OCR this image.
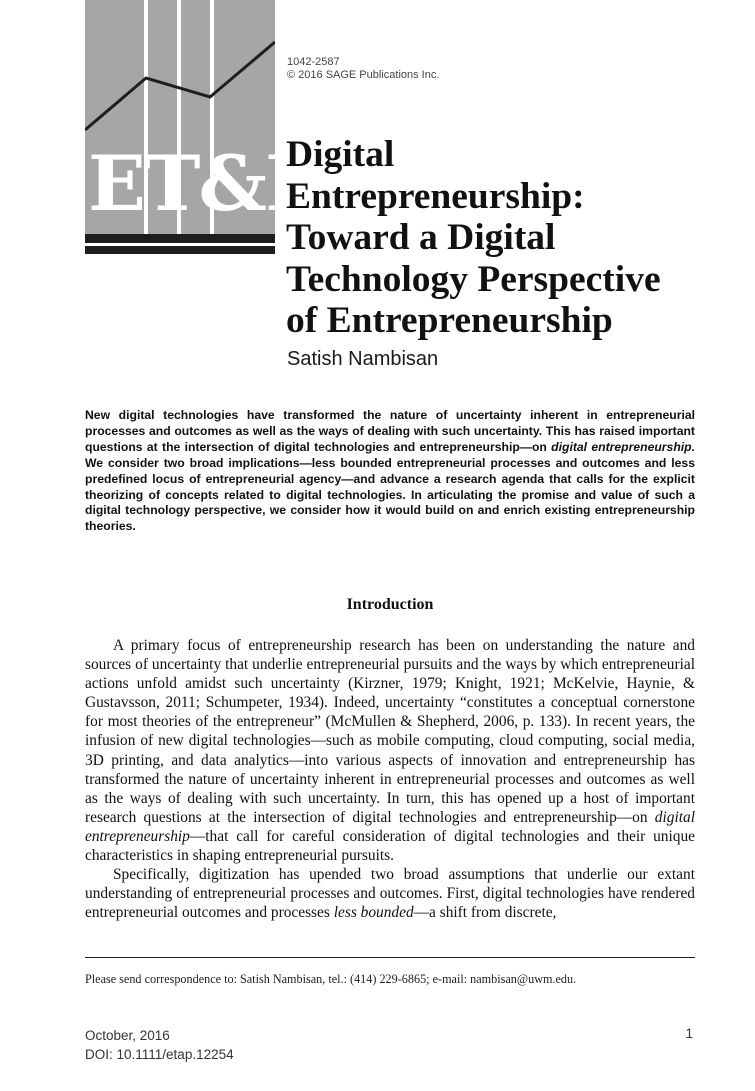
ET&P
1042-2587
© 2016 SAGE Publications Inc.
Digital
Entrepreneurship:
Toward a Digital
Technology Perspective
of Entrepreneurship
Satish Nambisan
New digital technologies have transformed the nature of uncertainty inherent in entrepreneurial processes and outcomes as well as the ways of dealing with such uncertainty. This has raised important questions at the intersection of digital technologies and entrepreneurship—on digital entrepreneurship. We consider two broad implications—less bounded entrepreneurial processes and outcomes and less predefined locus of entrepreneurial agency—and advance a research agenda that calls for the explicit theorizing of concepts related to digital technologies. In articulating the promise and value of such a digital technology perspective, we consider how it would build on and enrich existing entrepreneurship theories.
Introduction

A primary focus of entrepreneurship research has been on understanding the nature and sources of uncertainty that underlie entrepreneurial pursuits and the ways by which entrepreneurial actions unfold amidst such uncertainty (Kirzner, 1979; Knight, 1921; McKelvie, Haynie, & Gustavsson, 2011; Schumpeter, 1934). Indeed, uncertainty “constitutes a conceptual cornerstone for most theories of the entrepreneur” (McMullen & Shepherd, 2006, p. 133). In recent years, the infusion of new digital technologies—such as mobile computing, cloud computing, social media, 3D printing, and data analytics—into various aspects of innovation and entrepreneurship has transformed the nature of uncertainty inherent in entrepreneurial processes and outcomes as well as the ways of dealing with such uncertainty. In turn, this has opened up a host of important research questions at the intersection of digital technologies and entrepreneurship—on digital entrepreneurship—that call for careful consideration of digital technologies and their unique characteristics in shaping entrepreneurial pursuits.

Specifically, digitization has upended two broad assumptions that underlie our extant understanding of entrepreneurial processes and outcomes. First, digital technologies have rendered entrepreneurial outcomes and processes less bounded—a shift from discrete,

Please send correspondence to: Satish Nambisan, tel.: (414) 229-6865; e-mail: nambisan@uwm.edu.
October, 2016
DOI: 10.1111/etap.12254
1
